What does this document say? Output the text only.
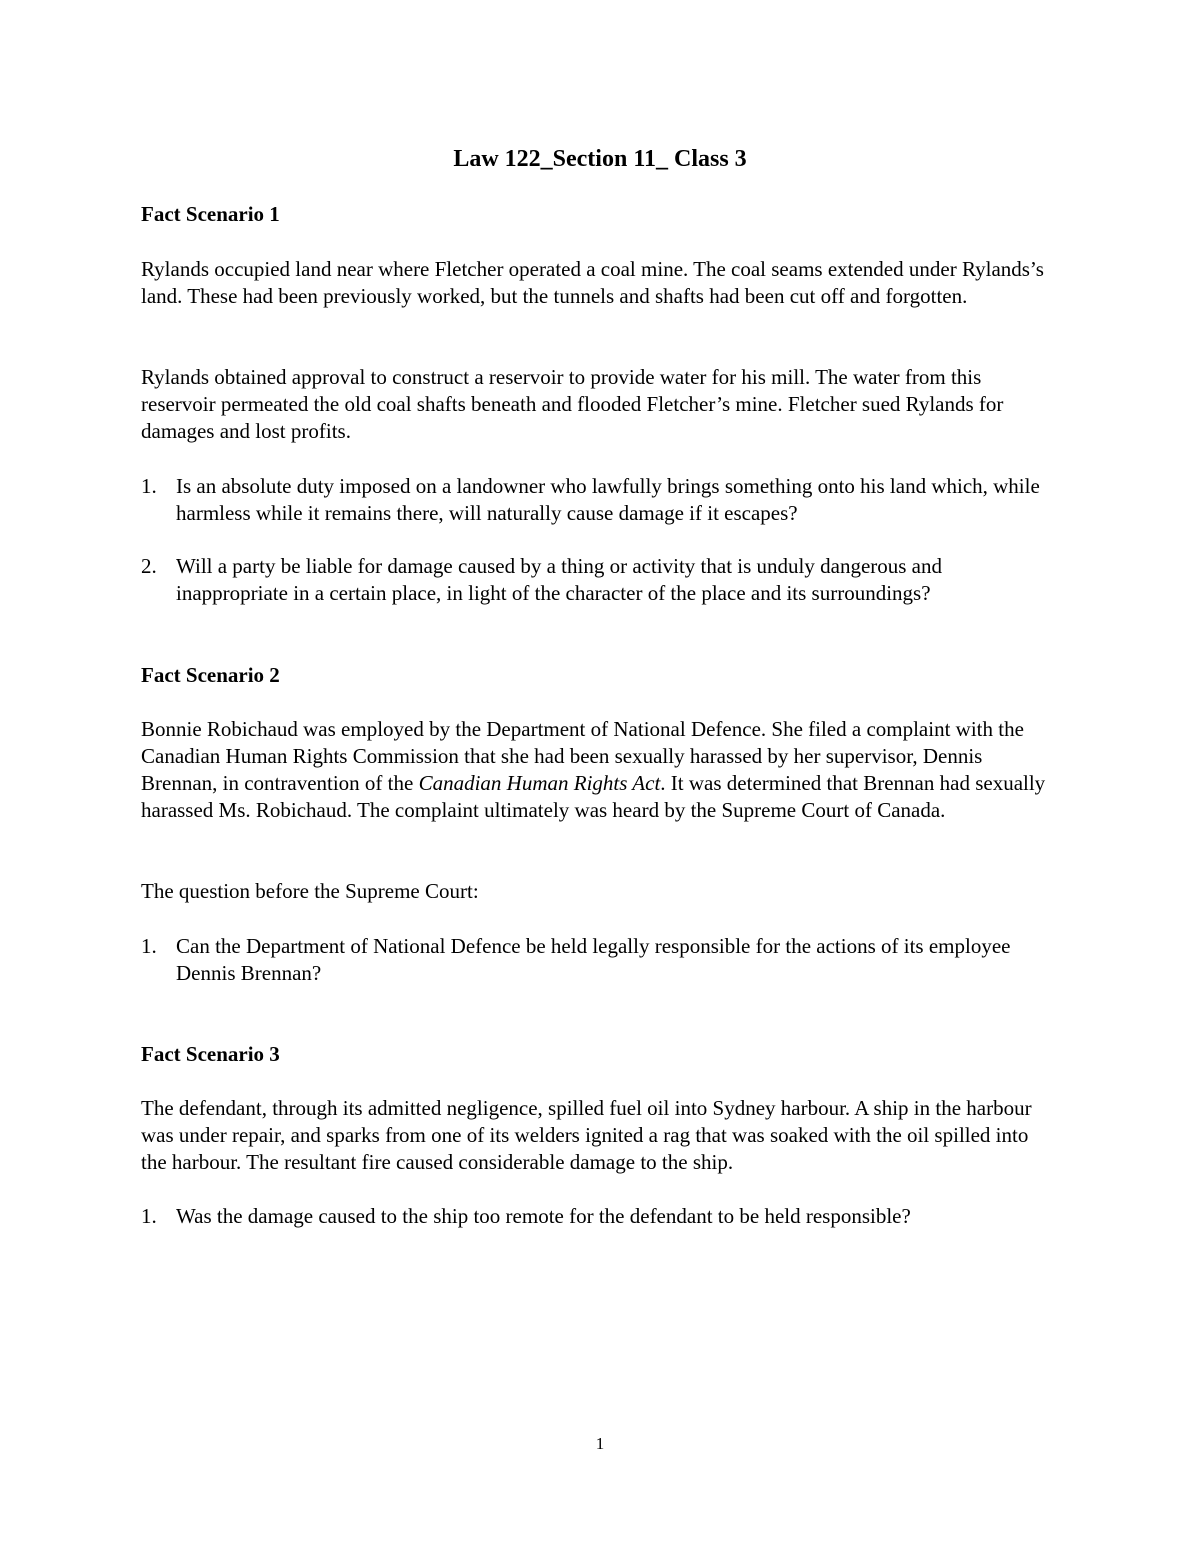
Law 122_Section 11_ Class 3
Fact Scenario 1

Rylands occupied land near where Fletcher operated a coal mine. The coal seams extended under Rylands’s land. These had been previously worked, but the tunnels and shafts had been cut off and forgotten.

Rylands obtained approval to construct a reservoir to provide water for his mill. The water from this reservoir permeated the old coal shafts beneath and flooded Fletcher’s mine. Fletcher sued Rylands for damages and lost profits.

1. Is an absolute duty imposed on a landowner who lawfully brings something onto his land which, while harmless while it remains there, will naturally cause damage if it escapes?
2. Will a party be liable for damage caused by a thing or activity that is unduly dangerous and inappropriate in a certain place, in light of the character of the place and its surroundings?
Fact Scenario 2

Bonnie Robichaud was employed by the Department of National Defence. She filed a complaint with the Canadian Human Rights Commission that she had been sexually harassed by her supervisor, Dennis Brennan, in contravention of the Canadian Human Rights Act. It was determined that Brennan had sexually harassed Ms. Robichaud. The complaint ultimately was heard by the Supreme Court of Canada.

The question before the Supreme Court:

1. Can the Department of National Defence be held legally responsible for the actions of its employee Dennis Brennan?
Fact Scenario 3

The defendant, through its admitted negligence, spilled fuel oil into Sydney harbour. A ship in the harbour was under repair, and sparks from one of its welders ignited a rag that was soaked with the oil spilled into the harbour. The resultant fire caused considerable damage to the ship.

1. Was the damage caused to the ship too remote for the defendant to be held responsible?

1
